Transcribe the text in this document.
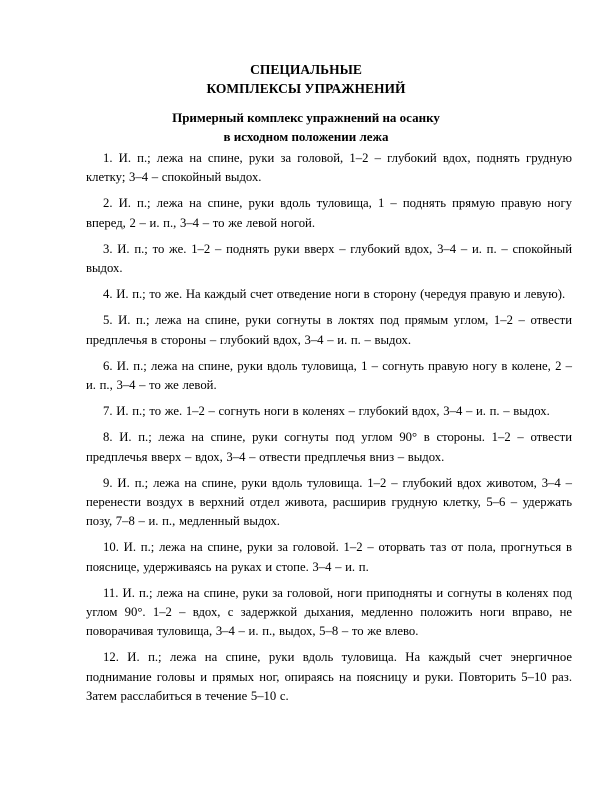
СПЕЦИАЛЬНЫЕ
КОМПЛЕКСЫ УПРАЖНЕНИЙ
Примерный комплекс упражнений на осанку
в исходном положении лежа

1. И. п.; лежа на спине, руки за головой, 1–2 – глубокий вдох, поднять грудную клетку; 3–4 – спокойный выдох.

2. И. п.; лежа на спине, руки вдоль туловища, 1 – поднять прямую правую ногу вперед, 2 – и. п., 3–4 – то же левой ногой.

3. И. п.; то же. 1–2 – поднять руки вверх – глубокий вдох, 3–4 – и. п. – спокойный выдох.

4. И. п.; то же. На каждый счет отведение ноги в сторону (чередуя правую и левую).

5. И. п.; лежа на спине, руки согнуты в локтях под прямым углом, 1–2 – отвести предплечья в стороны – глубокий вдох, 3–4 – и. п. – выдох.

6. И. п.; лежа на спине, руки вдоль туловища, 1 – согнуть правую ногу в колене, 2 – и. п., 3–4 – то же левой.

7. И. п.; то же. 1–2 – согнуть ноги в коленях – глубокий вдох, 3–4 – и. п. – выдох.

8. И. п.; лежа на спине, руки согнуты под углом 90° в стороны. 1–2 – отвести предплечья вверх – вдох, 3–4 – отвести предплечья вниз – выдох.

9. И. п.; лежа на спине, руки вдоль туловища. 1–2 – глубокий вдох животом, 3–4 – перенести воздух в верхний отдел живота, расширив грудную клетку, 5–6 – удержать позу, 7–8 – и. п., медленный выдох.

10. И. п.; лежа на спине, руки за головой. 1–2 – оторвать таз от пола, прогнуться в пояснице, удерживаясь на руках и стопе. 3–4 – и. п.

11. И. п.; лежа на спине, руки за головой, ноги приподняты и согнуты в коленях под углом 90°. 1–2 – вдох, с задержкой дыхания, медленно положить ноги вправо, не поворачивая туловища, 3–4 – и. п., выдох, 5–8 – то же влево.

12. И. п.; лежа на спине, руки вдоль туловища. На каждый счет энергичное поднимание головы и прямых ног, опираясь на поясницу и руки. Повторить 5–10 раз. Затем расслабиться в течение 5–10 с.
